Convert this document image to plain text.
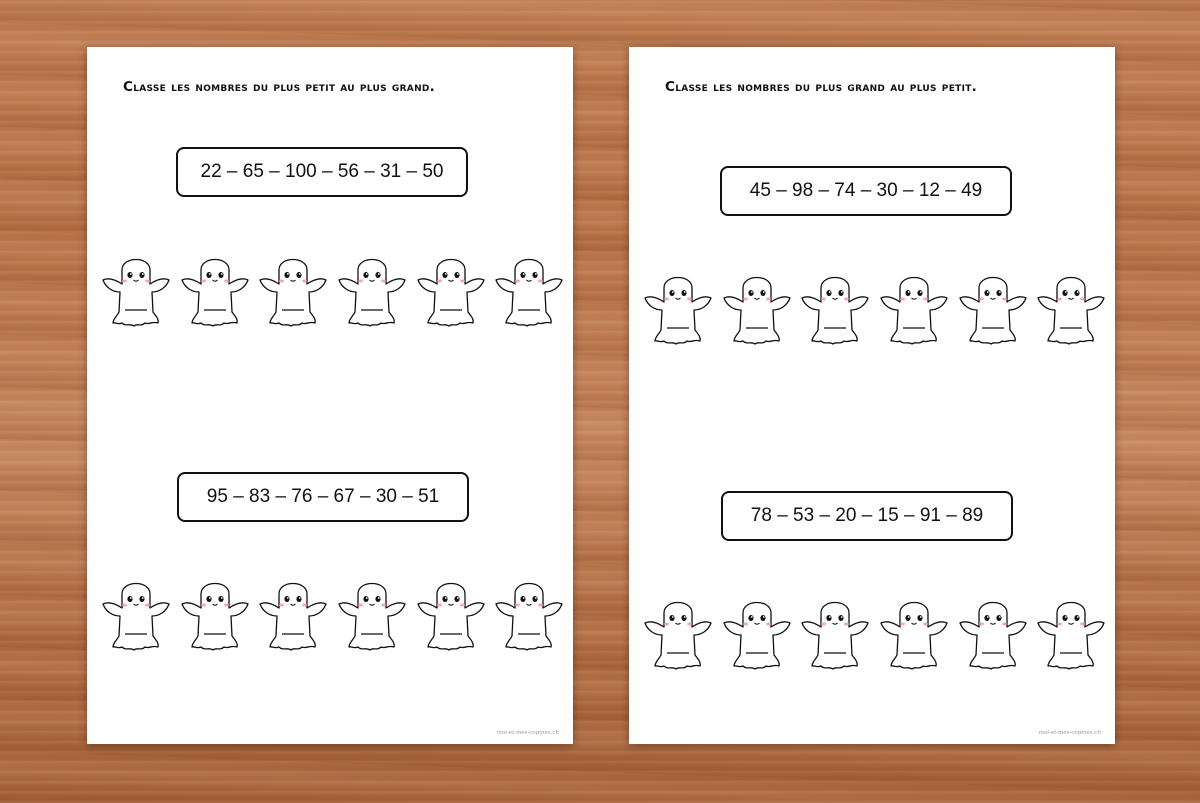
Classe les nombres du plus petit au plus grand.
22 – 65 – 100 – 56 – 31 – 50
95 – 83 – 76 – 67 – 30 – 51
moi-et-mes-copines.ch
Classe les nombres du plus grand au plus petit.
45 – 98 – 74 – 30 – 12 – 49
78 – 53 – 20 – 15 – 91 – 89
moi-et-mes-copines.ch
